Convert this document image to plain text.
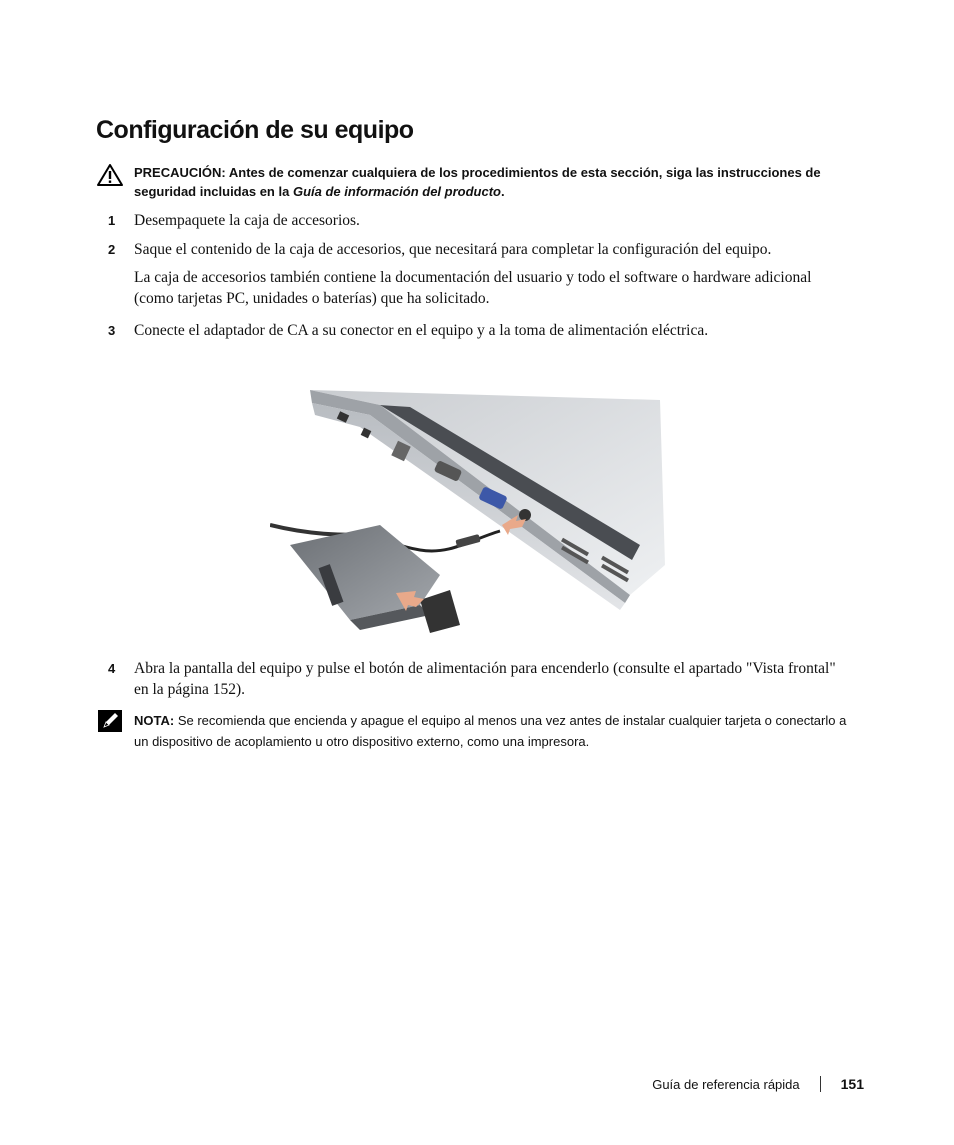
Configuración de su equipo
PRECAUCIÓN: Antes de comenzar cualquiera de los procedimientos de esta sección, siga las instrucciones de seguridad incluidas en la Guía de información del producto.
1 Desempaquete la caja de accesorios.
2 Saque el contenido de la caja de accesorios, que necesitará para completar la configuración del equipo.
La caja de accesorios también contiene la documentación del usuario y todo el software o hardware adicional (como tarjetas PC, unidades o baterías) que ha solicitado.
3 Conecte el adaptador de CA a su conector en el equipo y a la toma de alimentación eléctrica.
4 Abra la pantalla del equipo y pulse el botón de alimentación para encenderlo (consulte el apartado "Vista frontal" en la página 152).
NOTA: Se recomienda que encienda y apague el equipo al menos una vez antes de instalar cualquier tarjeta o conectarlo a un dispositivo de acoplamiento u otro dispositivo externo, como una impresora.
Guía de referencia rápida	151
